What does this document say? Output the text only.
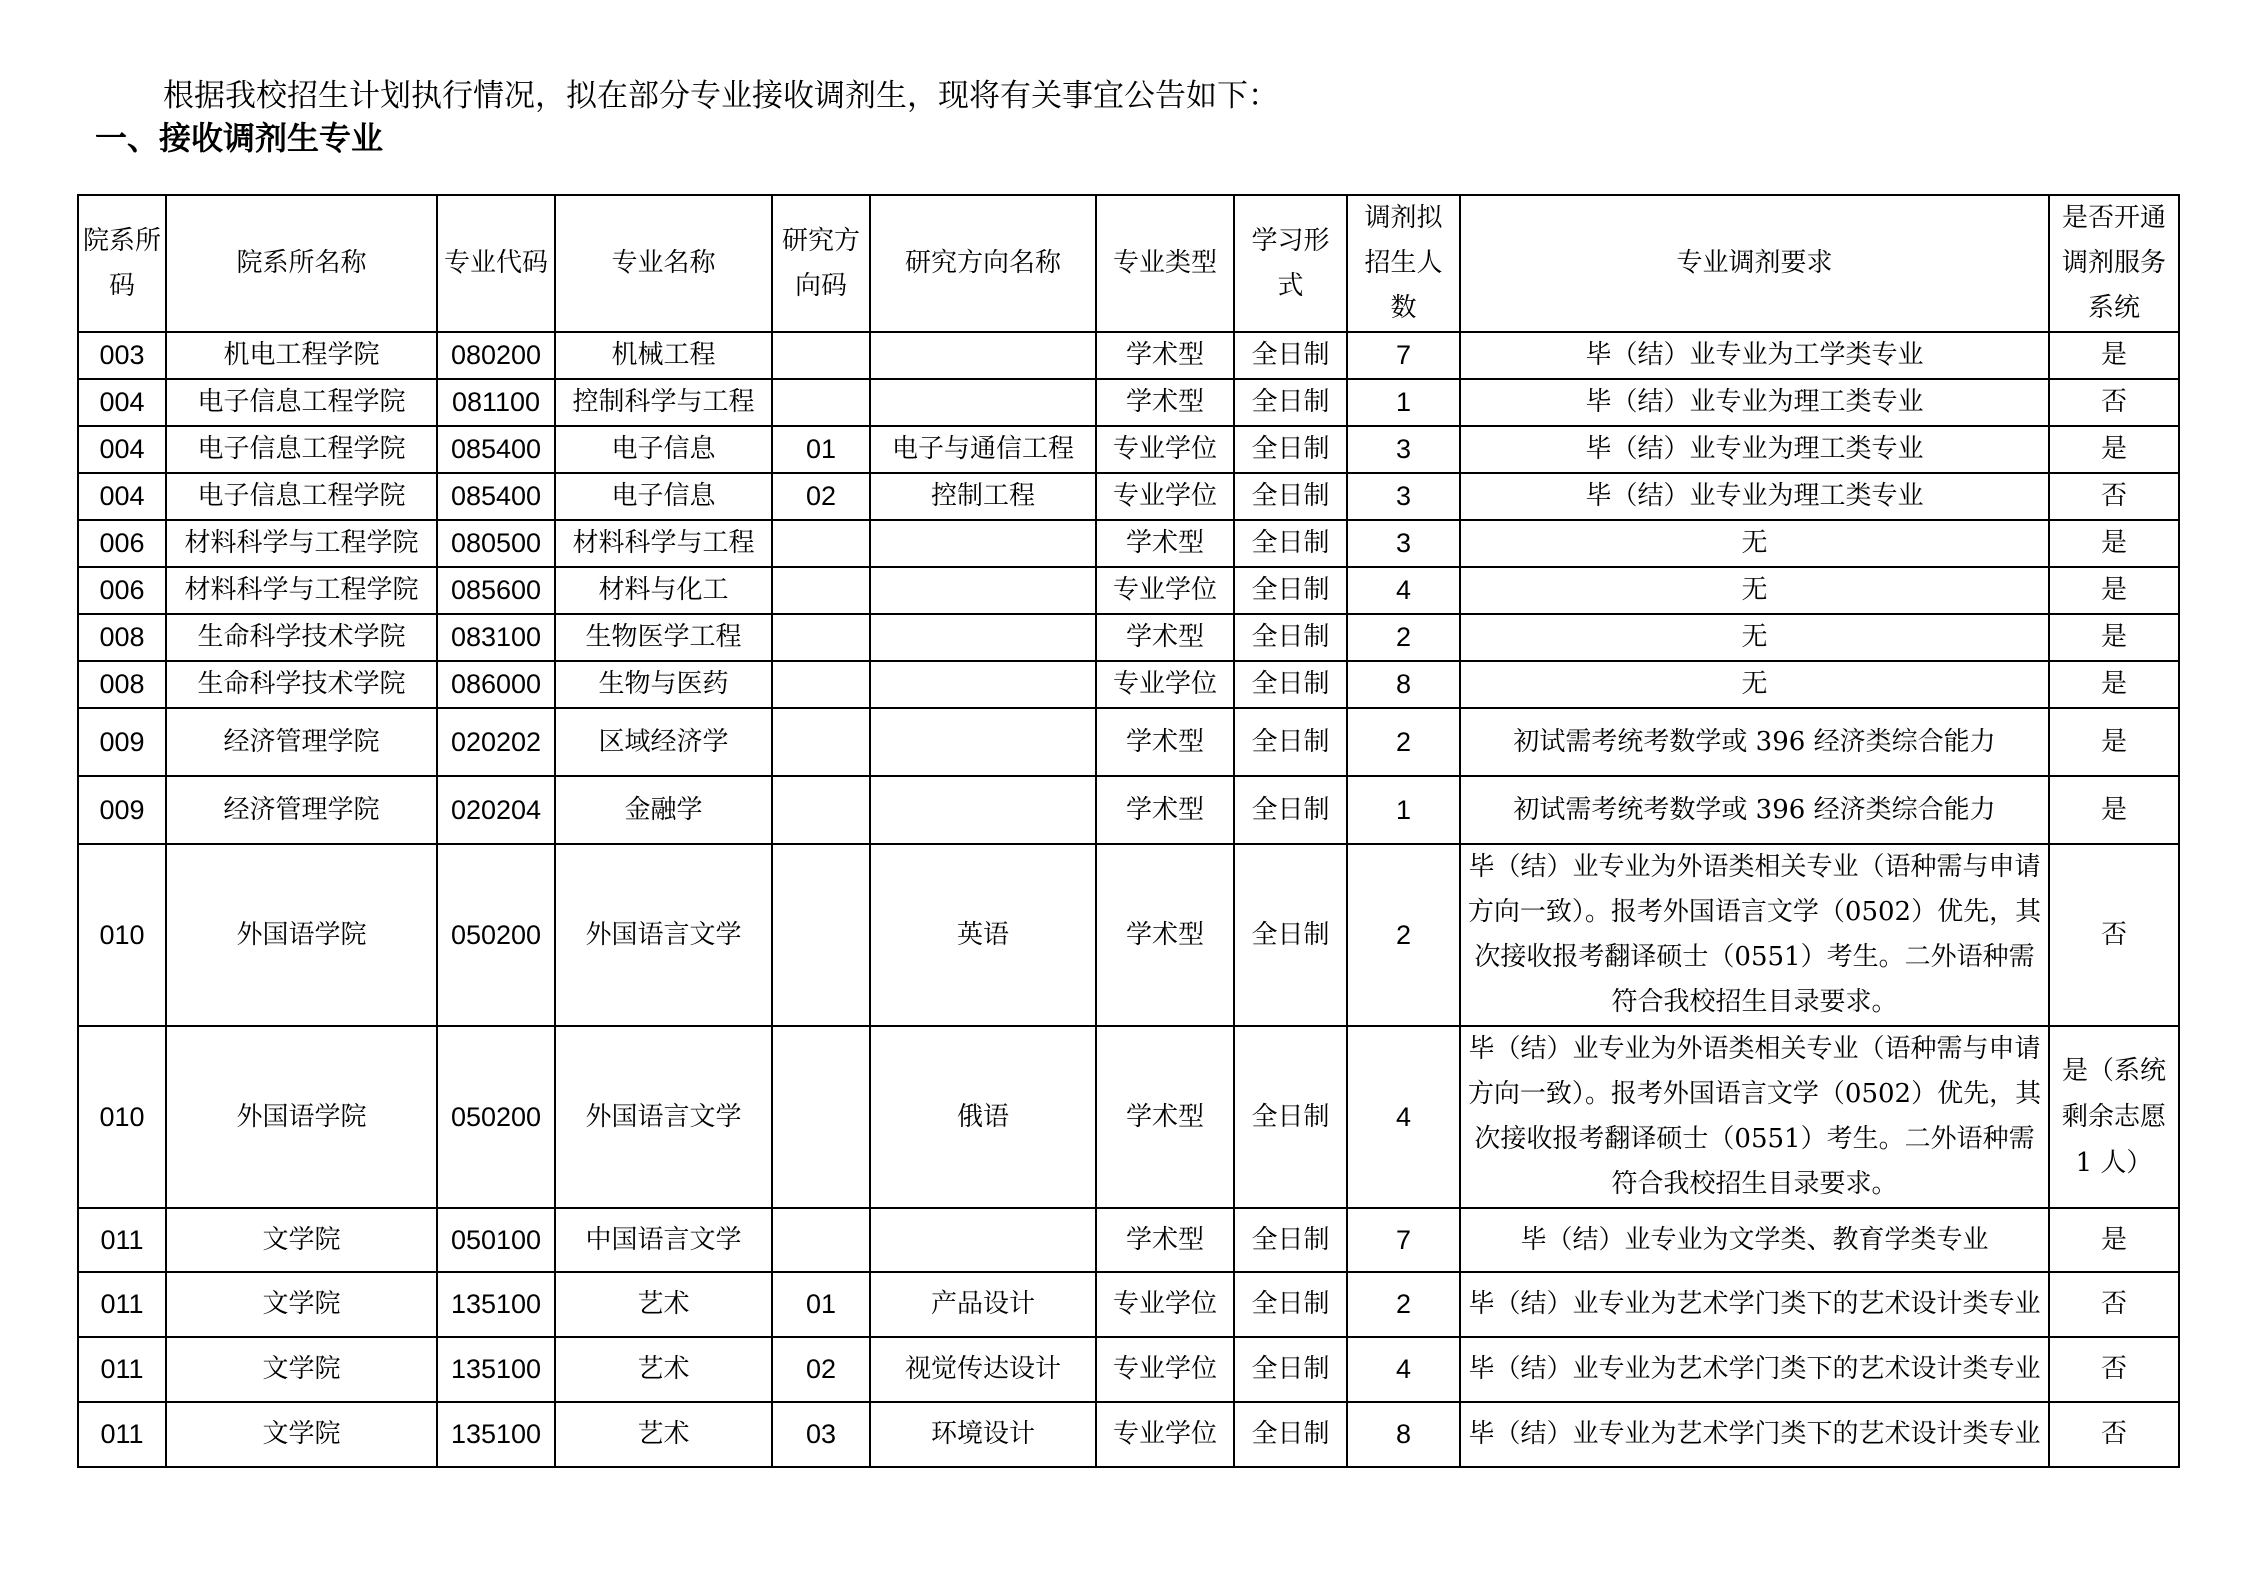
根据我校招生计划执行情况，拟在部分专业接收调剂生，现将有关事宜公告如下：
一、接收调剂生专业
院系所码	院系所名称	专业代码	专业名称	研究方向码	研究方向名称	专业类型	学习形式	调剂拟招生人数	专业调剂要求	是否开通调剂服务系统
003	机电工程学院	080200	机械工程			学术型	全日制	7	毕（结）业专业为工学类专业	是
004	电子信息工程学院	081100	控制科学与工程			学术型	全日制	1	毕（结）业专业为理工类专业	否
004	电子信息工程学院	085400	电子信息	01	电子与通信工程	专业学位	全日制	3	毕（结）业专业为理工类专业	是
004	电子信息工程学院	085400	电子信息	02	控制工程	专业学位	全日制	3	毕（结）业专业为理工类专业	否
006	材料科学与工程学院	080500	材料科学与工程			学术型	全日制	3	无	是
006	材料科学与工程学院	085600	材料与化工			专业学位	全日制	4	无	是
008	生命科学技术学院	083100	生物医学工程			学术型	全日制	2	无	是
008	生命科学技术学院	086000	生物与医药			专业学位	全日制	8	无	是
009	经济管理学院	020202	区域经济学			学术型	全日制	2	初试需考统考数学或 396 经济类综合能力	是
009	经济管理学院	020204	金融学			学术型	全日制	1	初试需考统考数学或 396 经济类综合能力	是
010	外国语学院	050200	外国语言文学		英语	学术型	全日制	2	毕（结）业专业为外语类相关专业（语种需与申请方向一致）。报考外国语言文学（0502）优先，其次接收报考翻译硕士（0551）考生。二外语种需符合我校招生目录要求。	否
010	外国语学院	050200	外国语言文学		俄语	学术型	全日制	4	毕（结）业专业为外语类相关专业（语种需与申请方向一致）。报考外国语言文学（0502）优先，其次接收报考翻译硕士（0551）考生。二外语种需符合我校招生目录要求。	是（系统剩余志愿 1 人）
011	文学院	050100	中国语言文学			学术型	全日制	7	毕（结）业专业为文学类、教育学类专业	是
011	文学院	135100	艺术	01	产品设计	专业学位	全日制	2	毕（结）业专业为艺术学门类下的艺术设计类专业	否
011	文学院	135100	艺术	02	视觉传达设计	专业学位	全日制	4	毕（结）业专业为艺术学门类下的艺术设计类专业	否
011	文学院	135100	艺术	03	环境设计	专业学位	全日制	8	毕（结）业专业为艺术学门类下的艺术设计类专业	否
